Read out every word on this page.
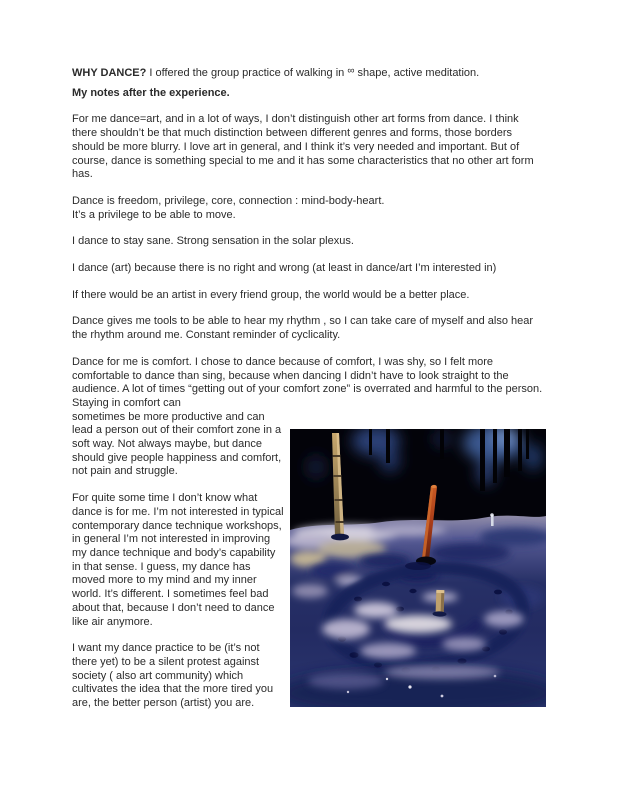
WHY DANCE? I offered the group practice of walking in ∞ shape, active meditation.

My notes after the experience.

For me dance=art, and in a lot of ways, I don’t distinguish other art forms from dance. I think there shouldn’t be that much distinction between different genres and forms, those borders should be more blurry. I love art in general, and I think it’s very needed and important. But of course, dance is something special to me and it has some characteristics that no other art form has.

Dance is freedom, privilege, core, connection : mind-body-heart.
It’s a privilege to be able to move.

I dance to stay sane. Strong sensation in the solar plexus.

I dance (art) because there is no right and wrong (at least in dance/art I’m interested in)

If there would be an artist in every friend group, the world would be a better place.

Dance gives me tools to be able to hear my rhythm , so I can take care of myself and also hear the rhythm around me. Constant reminder of cyclicality.

Dance for me is comfort. I chose to dance because of comfort, I was shy, so I felt more comfortable to dance than sing, because when dancing I didn’t have to look straight to the audience. A lot of times “getting out of your comfort zone” is overrated and harmful to the person. Staying in comfort can

sometimes be more productive and can lead a person out of their comfort zone in a soft way. Not always maybe, but dance should give people happiness and comfort, not pain and struggle.

For quite some time I don’t know what dance is for me. I’m not interested in typical contemporary dance technique workshops, in general I’m not interested in improving my dance technique and body’s capability in that sense. I guess, my dance has moved more to my mind and my inner world. It’s different. I sometimes feel bad about that, because I don’t need to dance like air anymore.

I want my dance practice to be (it’s not there yet) to be a silent protest against society ( also art community) which cultivates the idea that the more tired you are, the better person (artist) you are.
